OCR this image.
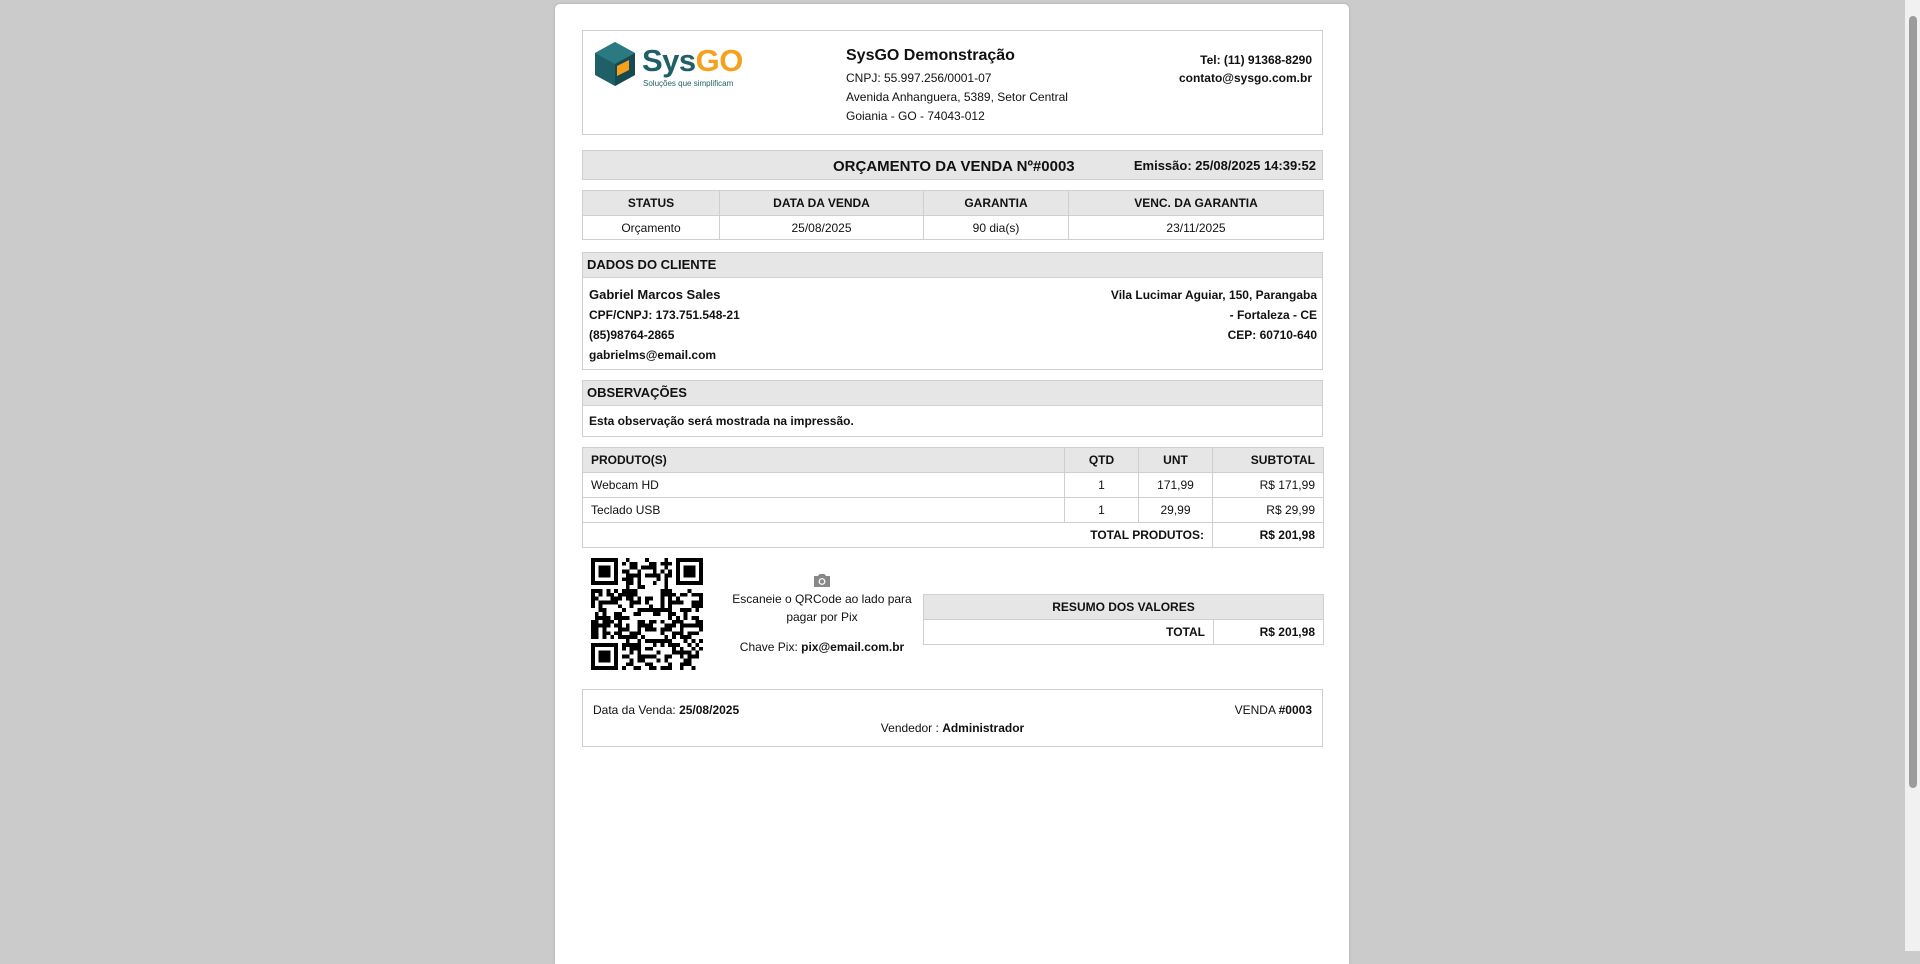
SysGO
Soluções que simplificam
SysGO Demonstração
CNPJ: 55.997.256/0001-07
Avenida Anhanguera, 5389, Setor Central
Goiania - GO - 74043-012
Tel: (11) 91368-8290
contato@sysgo.com.br
ORÇAMENTO DA VENDA Nº#0003	Emissão: 25/08/2025 14:39:52
STATUS	DATA DA VENDA	GARANTIA	VENC. DA GARANTIA
Orçamento	25/08/2025	90 dia(s)	23/11/2025
DADOS DO CLIENTE
Gabriel Marcos Sales
CPF/CNPJ: 173.751.548-21
(85)98764-2865
gabrielms@email.com
Vila Lucimar Aguiar, 150, Parangaba
- Fortaleza - CE
CEP: 60710-640
OBSERVAÇÕES
Esta observação será mostrada na impressão.
PRODUTO(S)	QTD	UNT	SUBTOTAL
Webcam HD	1	171,99	R$ 171,99
Teclado USB	1	29,99	R$ 29,99
TOTAL PRODUTOS:			R$ 201,98
Escaneie o QRCode ao lado para pagar por Pix
Chave Pix: pix@email.com.br
RESUMO DOS VALORES
TOTAL	R$ 201,98
Data da Venda: 25/08/2025	VENDA #0003
Vendedor : Administrador
